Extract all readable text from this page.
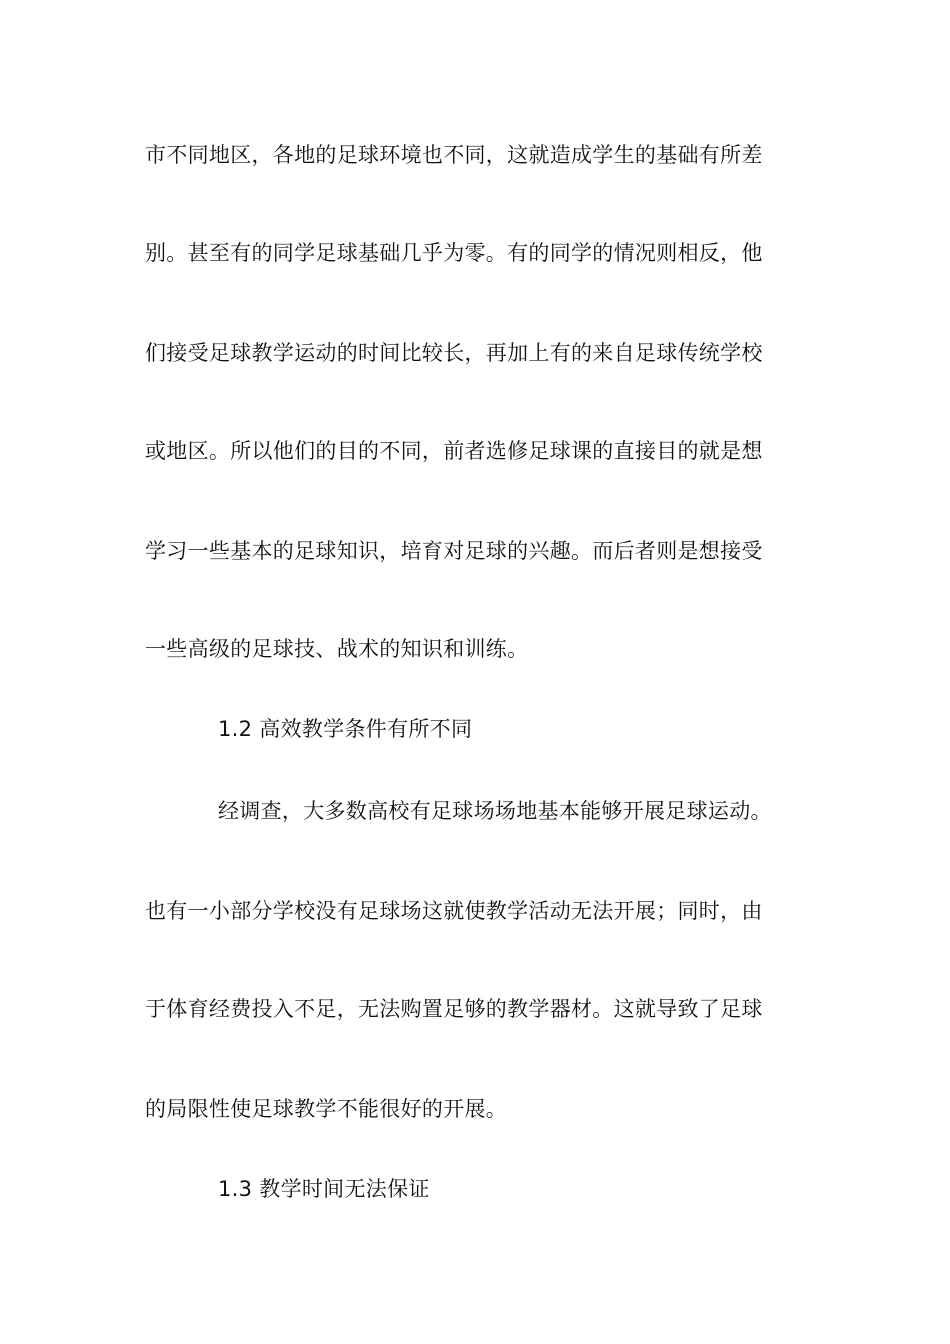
市不同地区，各地的足球环境也不同，这就造成学生的基础有所差
别。甚至有的同学足球基础几乎为零。有的同学的情况则相反，他
们接受足球教学运动的时间比较长，再加上有的来自足球传统学校
或地区。所以他们的目的不同，前者选修足球课的直接目的就是想
学习一些基本的足球知识，培育对足球的兴趣。而后者则是想接受
一些高级的足球技、战术的知识和训练。
1.2 高效教学条件有所不同
经调查，大多数高校有足球场场地基本能够开展足球运动。
也有一小部分学校没有足球场这就使教学活动无法开展；同时，由
于体育经费投入不足，无法购置足够的教学器材。这就导致了足球
的局限性使足球教学不能很好的开展。
1.3 教学时间无法保证
